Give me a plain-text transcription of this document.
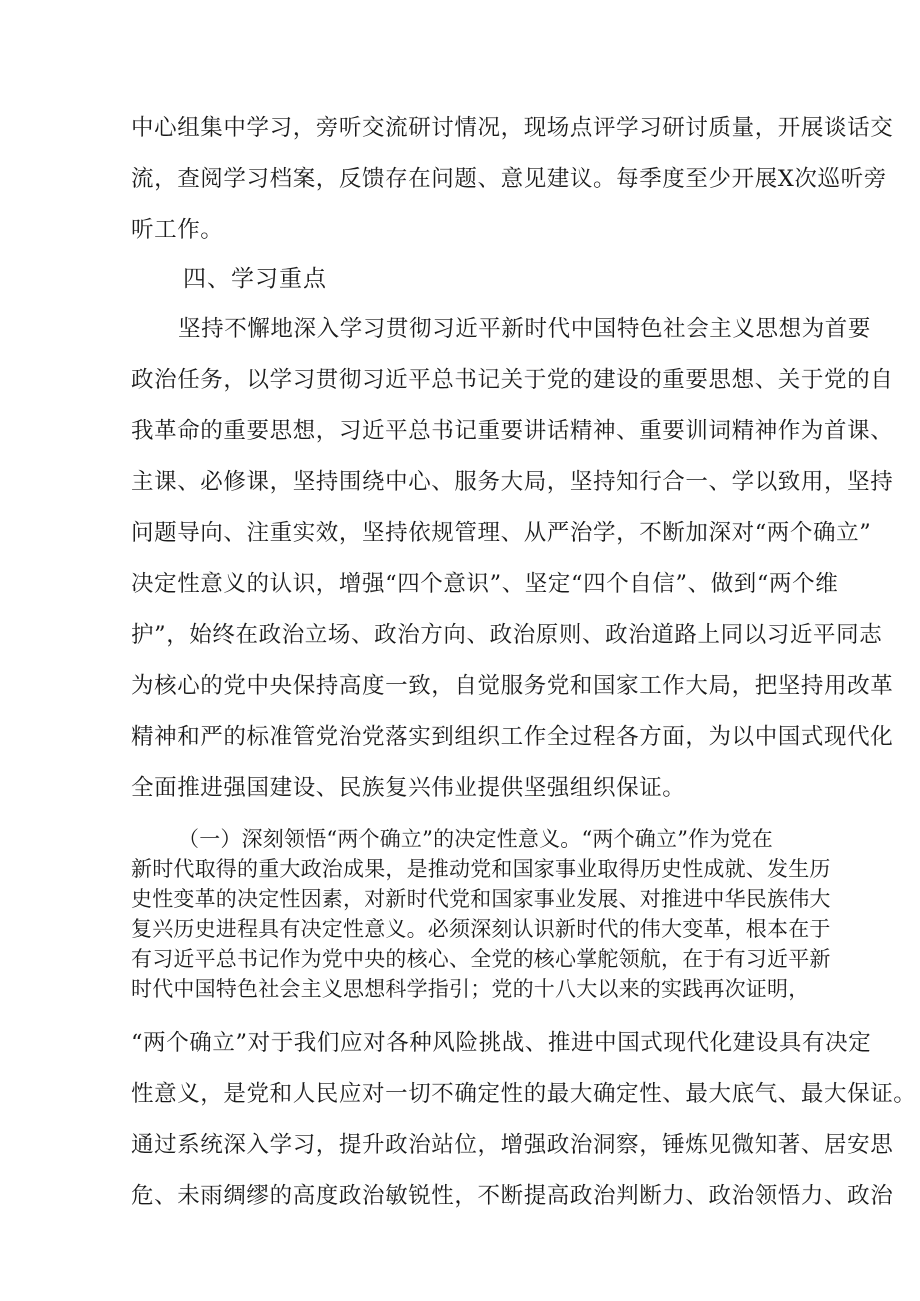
中心组集中学习，旁听交流研讨情况，现场点评学习研讨质量，开展谈话交
流，查阅学习档案，反馈存在问题、意见建议。每季度至少开展X次巡听旁
听工作。
四、学习重点
坚持不懈地深入学习贯彻习近平新时代中国特色社会主义思想为首要
政治任务，以学习贯彻习近平总书记关于党的建设的重要思想、关于党的自
我革命的重要思想，习近平总书记重要讲话精神、重要训词精神作为首课、
主课、必修课，坚持围绕中心、服务大局，坚持知行合一、学以致用，坚持
问题导向、注重实效，坚持依规管理、从严治学，不断加深对“两个确立”
决定性意义的认识，增强“四个意识”、坚定“四个自信”、做到“两个维
护”，始终在政治立场、政治方向、政治原则、政治道路上同以习近平同志
为核心的党中央保持高度一致，自觉服务党和国家工作大局，把坚持用改革
精神和严的标准管党治党落实到组织工作全过程各方面，为以中国式现代化
全面推进强国建设、民族复兴伟业提供坚强组织保证。
（一）深刻领悟“两个确立”的决定性意义。“两个确立”作为党在
新时代取得的重大政治成果，是推动党和国家事业取得历史性成就、发生历
史性变革的决定性因素，对新时代党和国家事业发展、对推进中华民族伟大
复兴历史进程具有决定性意义。必须深刻认识新时代的伟大变革，根本在于
有习近平总书记作为党中央的核心、全党的核心掌舵领航，在于有习近平新
时代中国特色社会主义思想科学指引；党的十八大以来的实践再次证明，
“两个确立”对于我们应对各种风险挑战、推进中国式现代化建设具有决定
性意义，是党和人民应对一切不确定性的最大确定性、最大底气、最大保证。
通过系统深入学习，提升政治站位，增强政治洞察，锤炼见微知著、居安思
危、未雨绸缪的高度政治敏锐性，不断提高政治判断力、政治领悟力、政治
